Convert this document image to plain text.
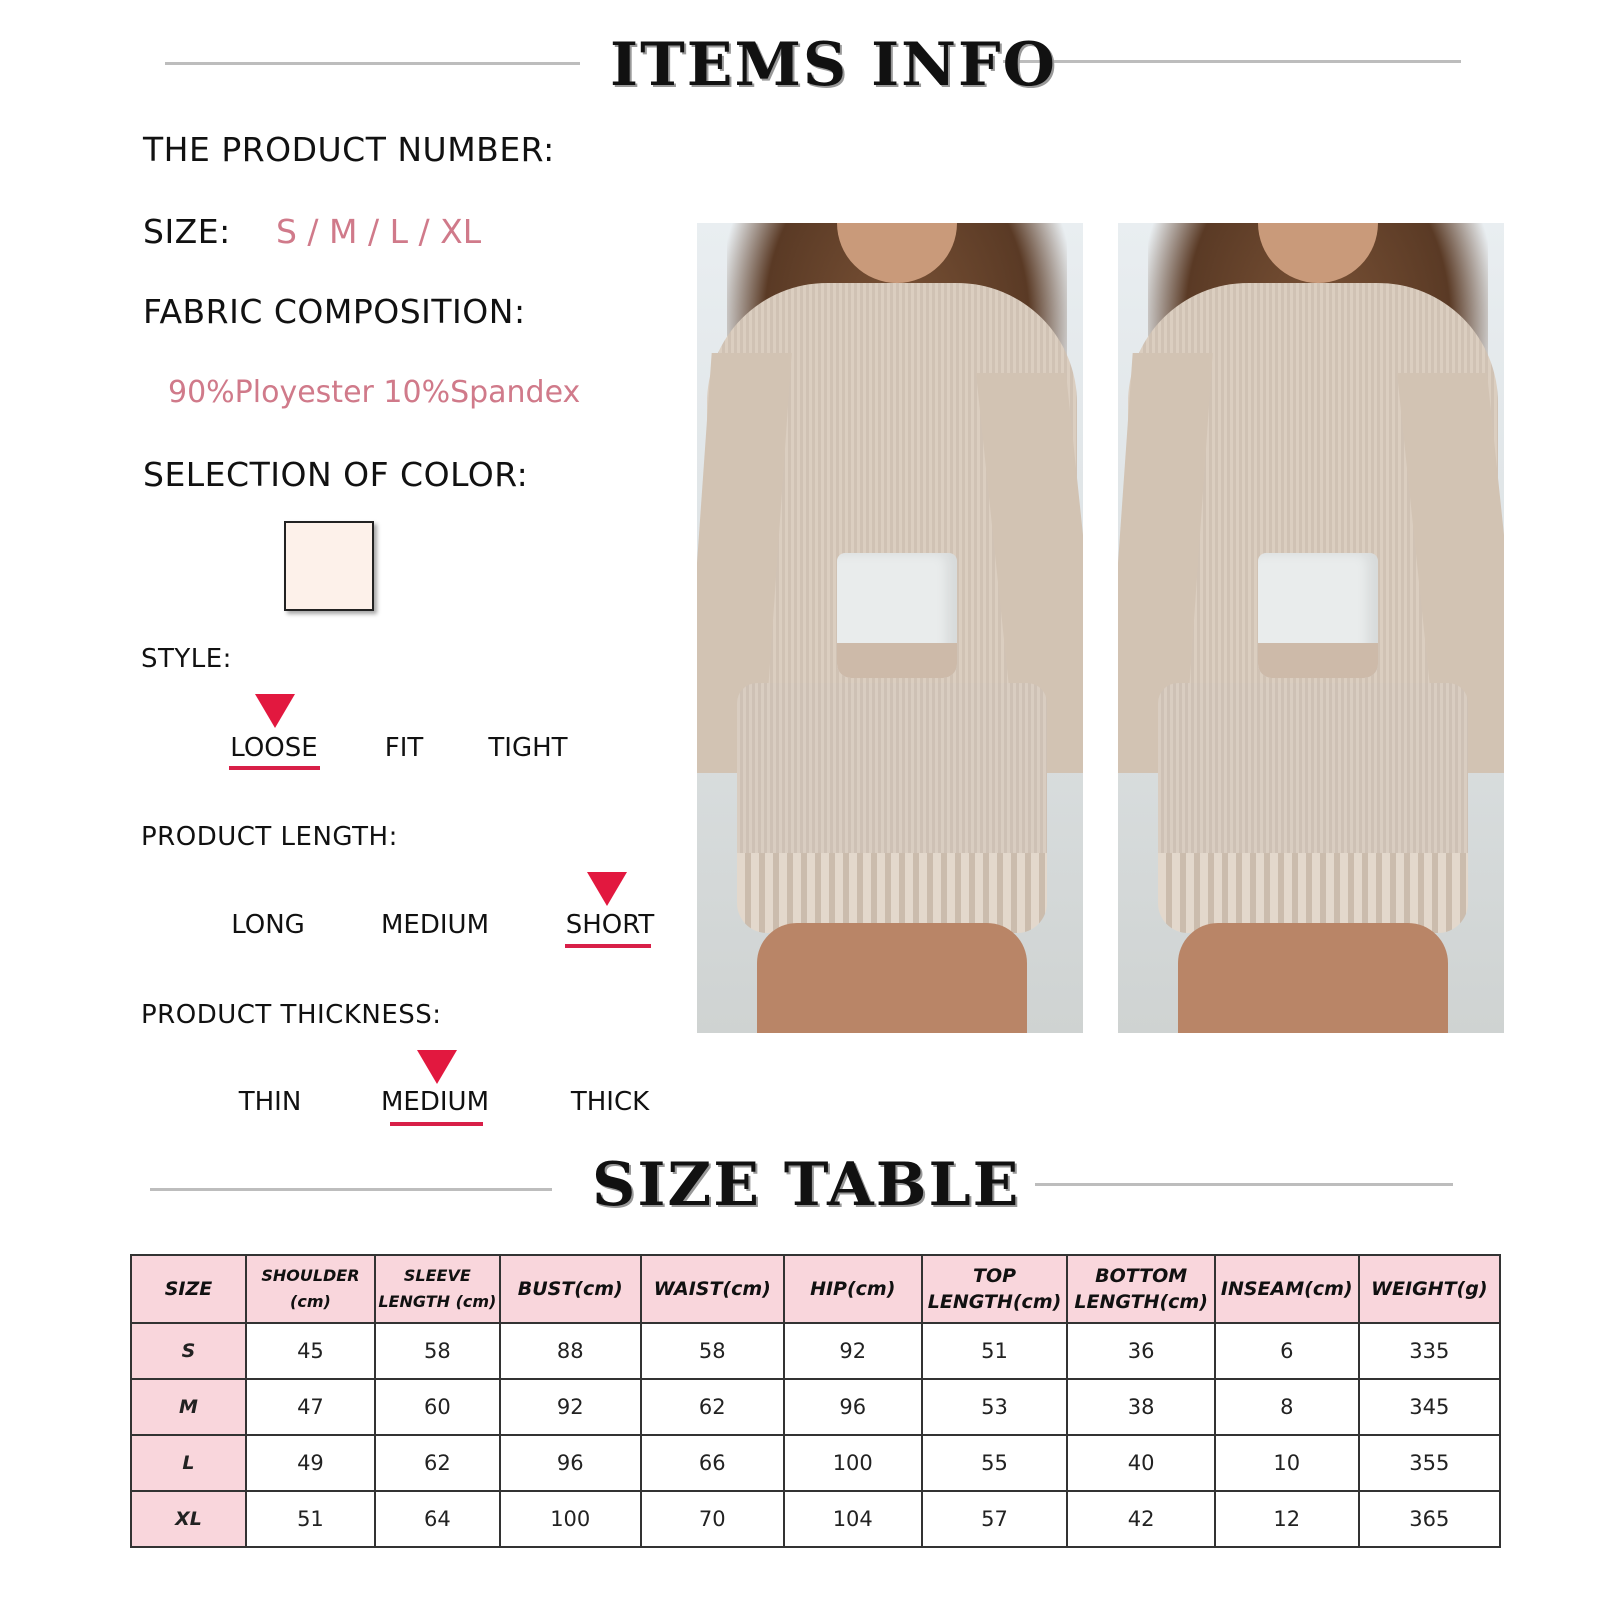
ITEMS INFO
THE PRODUCT NUMBER:
SIZE: S / M / L / XL
FABRIC COMPOSITION:
90%Ployester 10%Spandex
SELECTION OF COLOR:
STYLE:
LOOSE	FIT	TIGHT
PRODUCT LENGTH:
LONG	MEDIUM	SHORT
PRODUCT THICKNESS:
THIN	MEDIUM	THICK
SIZE TABLE
SIZE	SHOULDER (cm)	SLEEVE LENGTH (cm)	BUST(cm)	WAIST(cm)	HIP(cm)	TOP LENGTH(cm)	BOTTOM LENGTH(cm)	INSEAM(cm)	WEIGHT(g)
S	45	58	88	58	92	51	36	6	335
M	47	60	92	62	96	53	38	8	345
L	49	62	96	66	100	55	40	10	355
XL	51	64	100	70	104	57	42	12	365
